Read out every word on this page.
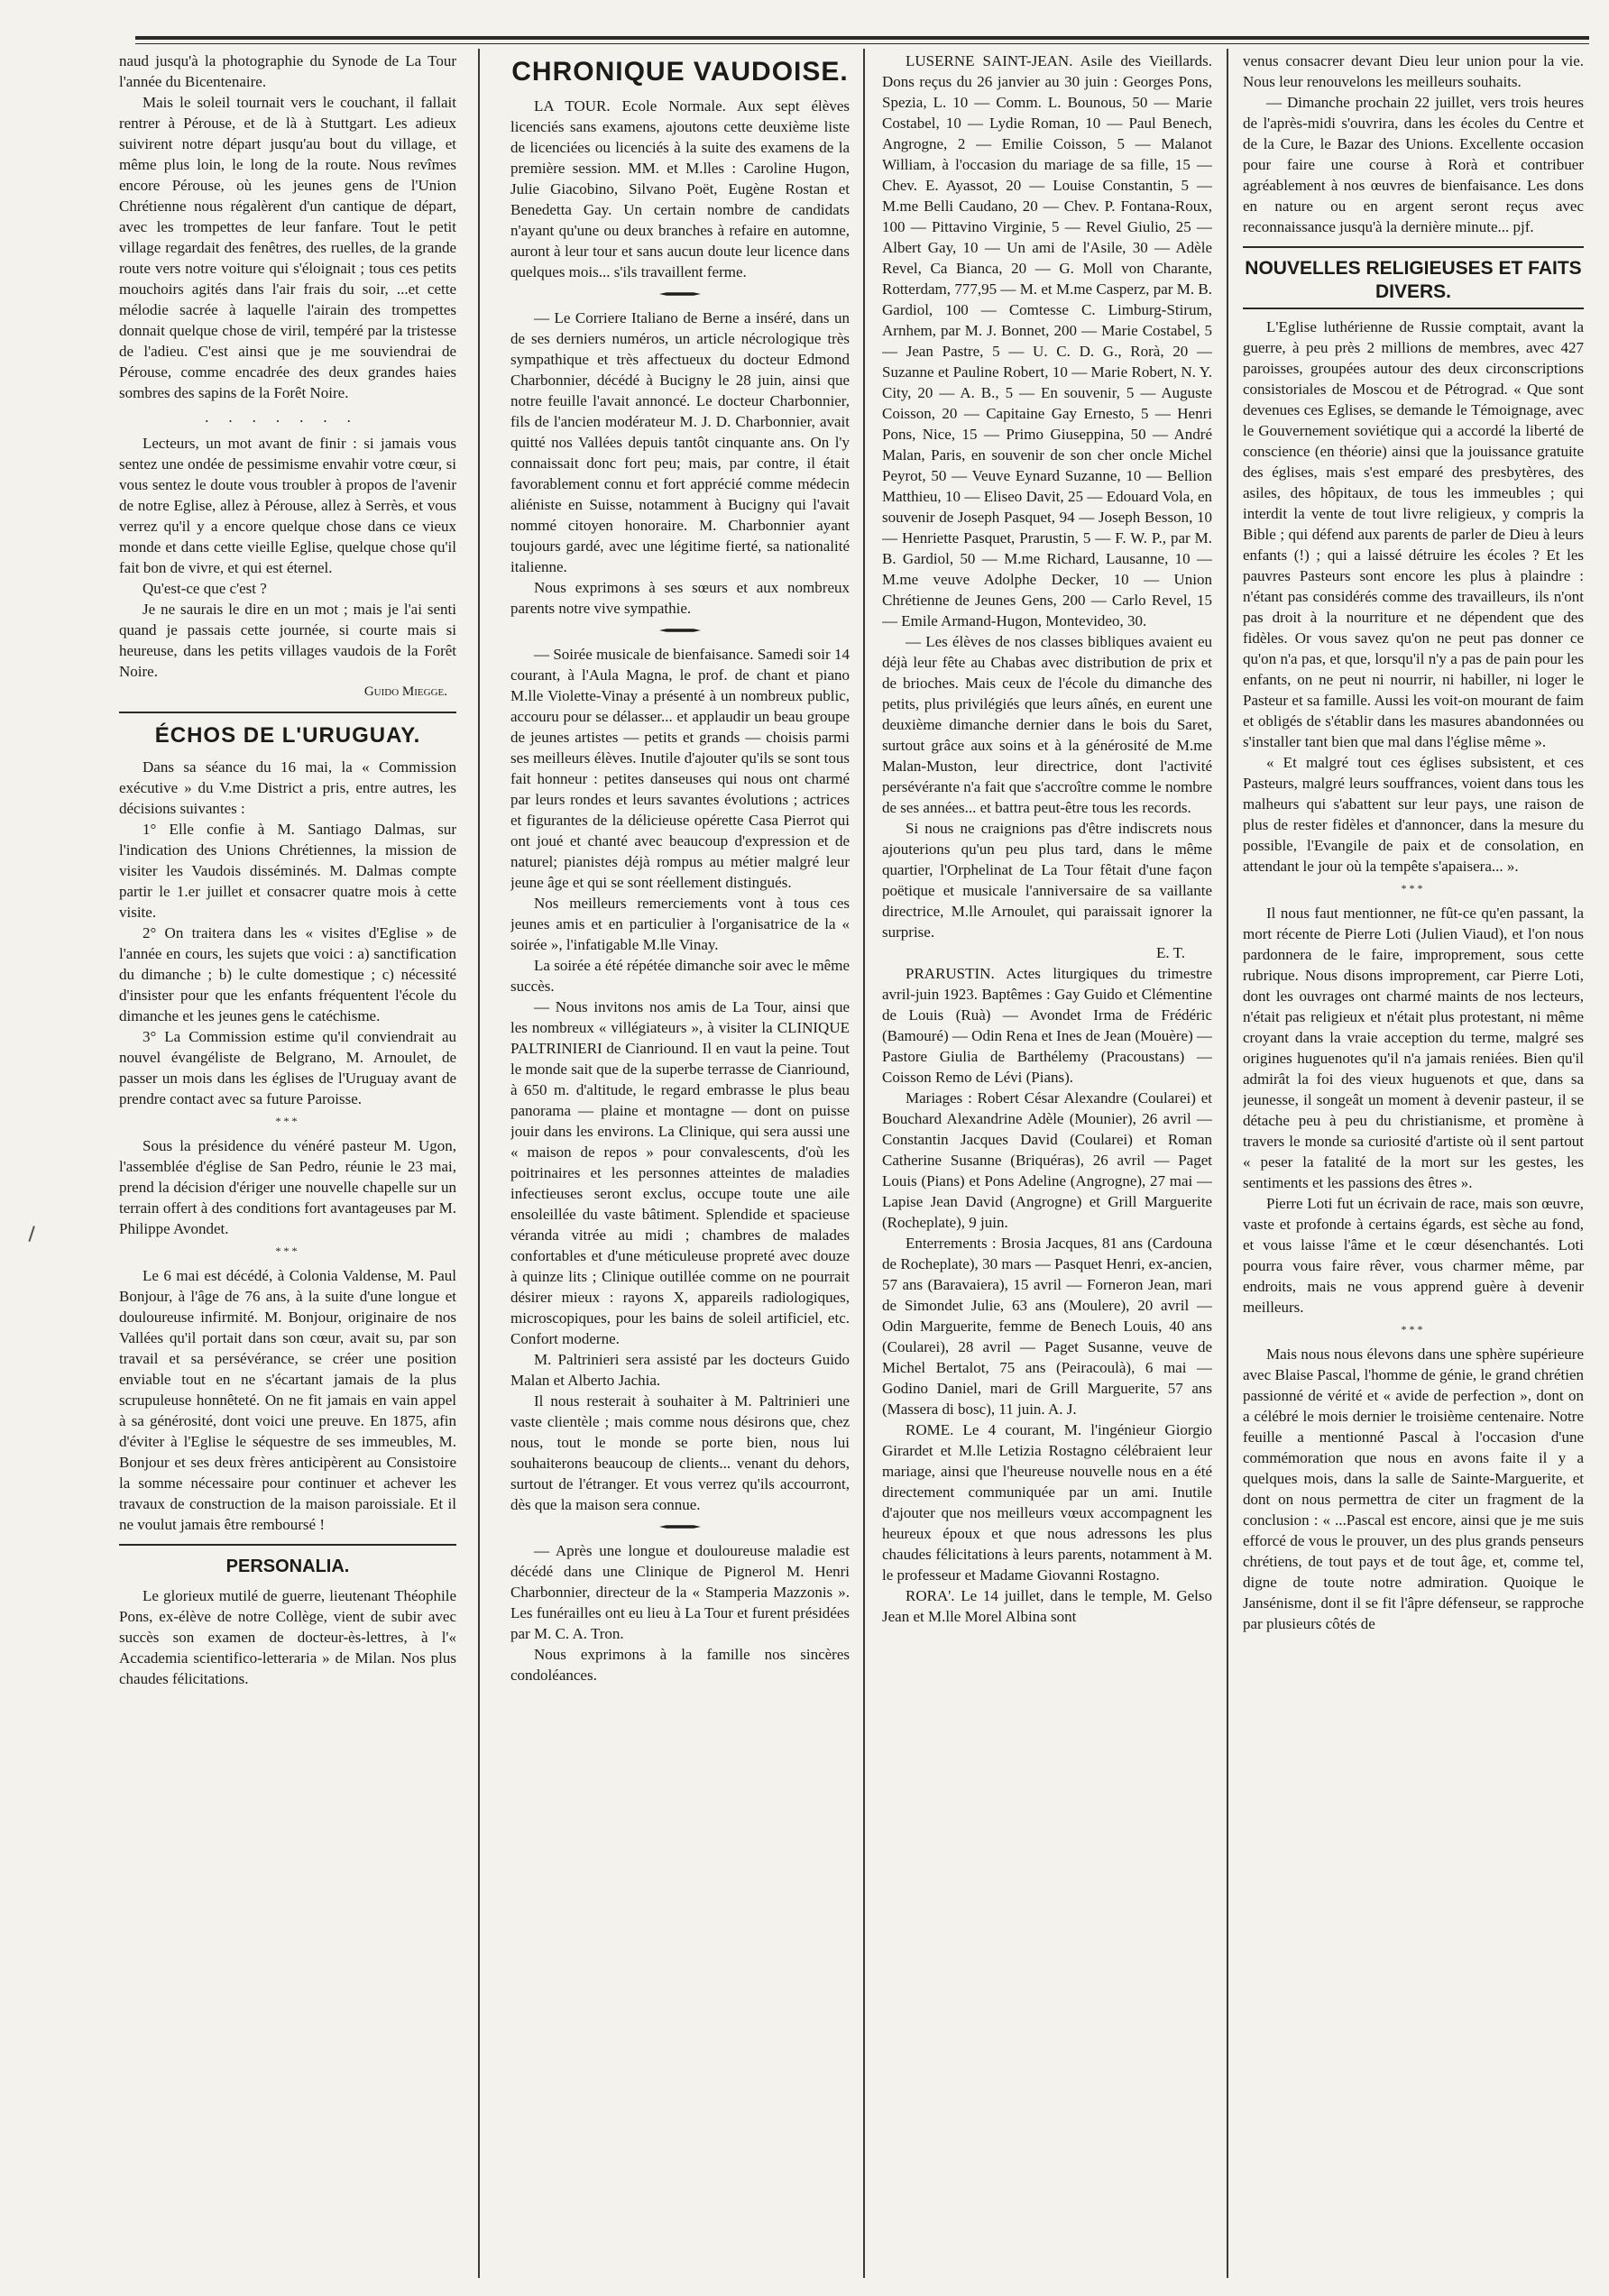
naud jusqu'à la photographie du Synode de La Tour l'année du Bicentenaire.

Mais le soleil tournait vers le couchant, il fallait rentrer à Pérouse, et de là à Stuttgart. Les adieux suivirent notre départ jusqu'au bout du village, et même plus loin, le long de la route. Nous revîmes encore Pérouse, où les jeunes gens de l'Union Chrétienne nous régalèrent d'un cantique de départ, avec les trompettes de leur fanfare. Tout le petit village regardait des fenêtres, des ruelles, de la grande route vers notre voiture qui s'éloignait ; tous ces petits mouchoirs agités dans l'air frais du soir, ...et cette mélodie sacrée à laquelle l'airain des trompettes donnait quelque chose de viril, tempéré par la tristesse de l'adieu. C'est ainsi que je me souviendrai de Pérouse, comme encadrée des deux grandes haies sombres des sapins de la Forêt Noire.

.......

Lecteurs, un mot avant de finir : si jamais vous sentez une ondée de pessimisme envahir votre cœur, si vous sentez le doute vous troubler à propos de l'avenir de notre Eglise, allez à Pérouse, allez à Serrès, et vous verrez qu'il y a encore quelque chose dans ce vieux monde et dans cette vieille Eglise, quelque chose qu'il fait bon de vivre, et qui est éternel.

Qu'est-ce que c'est ?

Je ne saurais le dire en un mot ; mais je l'ai senti quand je passais cette journée, si courte mais si heureuse, dans les petits villages vaudois de la Forêt Noire.

Guido Miegge.
ÉCHOS DE L'URUGUAY.

Dans sa séance du 16 mai, la « Commission exécutive » du V.me District a pris, entre autres, les décisions suivantes :

1° Elle confie à M. Santiago Dalmas, sur l'indication des Unions Chrétiennes, la mission de visiter les Vaudois disséminés. M. Dalmas compte partir le 1.er juillet et consacrer quatre mois à cette visite.

2° On traitera dans les « visites d'Eglise » de l'année en cours, les sujets que voici : a) sanctification du dimanche ; b) le culte domestique ; c) nécessité d'insister pour que les enfants fréquentent l'école du dimanche et les jeunes gens le catéchisme.

3° La Commission estime qu'il conviendrait au nouvel évangéliste de Belgrano, M. Arnoulet, de passer un mois dans les églises de l'Uruguay avant de prendre contact avec sa future Paroisse.

***

Sous la présidence du vénéré pasteur M. Ugon, l'assemblée d'église de San Pedro, réunie le 23 mai, prend la décision d'ériger une nouvelle chapelle sur un terrain offert à des conditions fort avantageuses par M. Philippe Avondet.

***

Le 6 mai est décédé, à Colonia Valdense, M. Paul Bonjour, à l'âge de 76 ans, à la suite d'une longue et douloureuse infirmité. M. Bonjour, originaire de nos Vallées qu'il portait dans son cœur, avait su, par son travail et sa persévérance, se créer une position enviable tout en ne s'écartant jamais de la plus scrupuleuse honnêteté. On ne fit jamais en vain appel à sa générosité, dont voici une preuve. En 1875, afin d'éviter à l'Eglise le séquestre de ses immeubles, M. Bonjour et ses deux frères anticipèrent au Consistoire la somme nécessaire pour continuer et achever les travaux de construction de la maison paroissiale. Et il ne voulut jamais être remboursé !

PERSONALIA.

Le glorieux mutilé de guerre, lieutenant Théophile Pons, ex-élève de notre Collège, vient de subir avec succès son examen de docteur-ès-lettres, à l'« Accademia scientifico-letteraria » de Milan. Nos plus chaudes félicitations.

CHRONIQUE VAUDOISE.

LA TOUR. Ecole Normale. Aux sept élèves licenciés sans examens, ajoutons cette deuxième liste de licenciées ou licenciés à la suite des examens de la première session. MM. et M.lles : Caroline Hugon, Julie Giacobino, Silvano Poët, Eugène Rostan et Benedetta Gay. Un certain nombre de candidats n'ayant qu'une ou deux branches à refaire en automne, auront à leur tour et sans aucun doute leur licence dans quelques mois... s'ils travaillent ferme.

— Le Corriere Italiano de Berne a inséré, dans un de ses derniers numéros, un article nécrologique très sympathique et très affectueux du docteur Edmond Charbonnier, décédé à Bucigny le 28 juin, ainsi que notre feuille l'avait annoncé. Le docteur Charbonnier, fils de l'ancien modérateur M. J. D. Charbonnier, avait quitté nos Vallées depuis tantôt cinquante ans. On l'y connaissait donc fort peu; mais, par contre, il était favorablement connu et fort apprécié comme médecin aliéniste en Suisse, notamment à Bucigny qui l'avait nommé citoyen honoraire. M. Charbonnier ayant toujours gardé, avec une légitime fierté, sa nationalité italienne.

Nous exprimons à ses sœurs et aux nombreux parents notre vive sympathie.

— Soirée musicale de bienfaisance. Samedi soir 14 courant, à l'Aula Magna, le prof. de chant et piano M.lle Violette-Vinay a présenté à un nombreux public, accouru pour se délasser... et applaudir un beau groupe de jeunes artistes — petits et grands — choisis parmi ses meilleurs élèves. Inutile d'ajouter qu'ils se sont tous fait honneur : petites danseuses qui nous ont charmé par leurs rondes et leurs savantes évolutions ; actrices et figurantes de la délicieuse opérette Casa Pierrot qui ont joué et chanté avec beaucoup d'expression et de naturel; pianistes déjà rompus au métier malgré leur jeune âge et qui se sont réellement distingués.

Nos meilleurs remerciements vont à tous ces jeunes amis et en particulier à l'organisatrice de la « soirée », l'infatigable M.lle Vinay.

La soirée a été répétée dimanche soir avec le même succès.

— Nous invitons nos amis de La Tour, ainsi que les nombreux « villégiateurs », à visiter la CLINIQUE PALTRINIERI de Cianriound. Il en vaut la peine. Tout le monde sait que de la superbe terrasse de Cianriound, à 650 m. d'altitude, le regard embrasse le plus beau panorama — plaine et montagne — dont on puisse jouir dans les environs. La Clinique, qui sera aussi une « maison de repos » pour convalescents, d'où les poitrinaires et les personnes atteintes de maladies infectieuses seront exclus, occupe toute une aile ensoleillée du vaste bâtiment. Splendide et spacieuse véranda vitrée au midi ; chambres de malades confortables et d'une méticuleuse propreté avec douze à quinze lits ; Clinique outillée comme on ne pourrait désirer mieux : rayons X, appareils radiologiques, microscopiques, pour les bains de soleil artificiel, etc. Confort moderne.

M. Paltrinieri sera assisté par les docteurs Guido Malan et Alberto Jachia.

Il nous resterait à souhaiter à M. Paltrinieri une vaste clientèle ; mais comme nous désirons que, chez nous, tout le monde se porte bien, nous lui souhaiterons beaucoup de clients... venant du dehors, surtout de l'étranger. Et vous verrez qu'ils accourront, dès que la maison sera connue.

— Après une longue et douloureuse maladie est décédé dans une Clinique de Pignerol M. Henri Charbonnier, directeur de la « Stamperia Mazzonis ». Les funérailles ont eu lieu à La Tour et furent présidées par M. C. A. Tron.

Nous exprimons à la famille nos sincères condoléances.

LUSERNE SAINT-JEAN. Asile des Vieillards. Dons reçus du 26 janvier au 30 juin : Georges Pons, Spezia, L. 10 — Comm. L. Bounous, 50 — Marie Costabel, 10 — Lydie Roman, 10 — Paul Benech, Angrogne, 2 — Emilie Coisson, 5 — Malanot William, à l'occasion du mariage de sa fille, 15 — Chev. E. Ayassot, 20 — Louise Constantin, 5 — M.me Belli Caudano, 20 — Chev. P. Fontana-Roux, 100 — Pittavino Virginie, 5 — Revel Giulio, 25 — Albert Gay, 10 — Un ami de l'Asile, 30 — Adèle Revel, Ca Bianca, 20 — G. Moll von Charante, Rotterdam, 777,95 — M. et M.me Casperz, par M. B. Gardiol, 100 — Comtesse C. Limburg-Stirum, Arnhem, par M. J. Bonnet, 200 — Marie Costabel, 5 — Jean Pastre, 5 — U. C. D. G., Rorà, 20 — Suzanne et Pauline Robert, 10 — Marie Robert, N. Y. City, 20 — A. B., 5 — En souvenir, 5 — Auguste Coisson, 20 — Capitaine Gay Ernesto, 5 — Henri Pons, Nice, 15 — Primo Giuseppina, 50 — André Malan, Paris, en souvenir de son cher oncle Michel Peyrot, 50 — Veuve Eynard Suzanne, 10 — Bellion Matthieu, 10 — Eliseo Davit, 25 — Edouard Vola, en souvenir de Joseph Pasquet, 94 — Joseph Besson, 10 — Henriette Pasquet, Prarustin, 5 — F. W. P., par M. B. Gardiol, 50 — M.me Richard, Lausanne, 10 — M.me veuve Adolphe Decker, 10 — Union Chrétienne de Jeunes Gens, 200 — Carlo Revel, 15 — Emile Armand-Hugon, Montevideo, 30.

— Les élèves de nos classes bibliques avaient eu déjà leur fête au Chabas avec distribution de prix et de brioches. Mais ceux de l'école du dimanche des petits, plus privilégiés que leurs aînés, en eurent une deuxième dimanche dernier dans le bois du Saret, surtout grâce aux soins et à la générosité de M.me Malan-Muston, leur directrice, dont l'activité persévérante n'a fait que s'accroître comme le nombre de ses années... et battra peut-être tous les records.

Si nous ne craignions pas d'être indiscrets nous ajouterions qu'un peu plus tard, dans le même quartier, l'Orphelinat de La Tour fêtait d'une façon poëtique et musicale l'anniversaire de sa vaillante directrice, M.lle Arnoulet, qui paraissait ignorer la surprise.

E. T.

PRARUSTIN. Actes liturgiques du trimestre avril-juin 1923. Baptêmes : Gay Guido et Clémentine de Louis (Ruà) — Avondet Irma de Frédéric (Bamouré) — Odin Rena et Ines de Jean (Mouère) — Pastore Giulia de Barthélemy (Pracoustans) — Coisson Remo de Lévi (Pians).

Mariages : Robert César Alexandre (Coularei) et Bouchard Alexandrine Adèle (Mounier), 26 avril — Constantin Jacques David (Coularei) et Roman Catherine Susanne (Briquéras), 26 avril — Paget Louis (Pians) et Pons Adeline (Angrogne), 27 mai — Lapise Jean David (Angrogne) et Grill Marguerite (Rocheplate), 9 juin.

Enterrements : Brosia Jacques, 81 ans (Cardouna de Rocheplate), 30 mars — Pasquet Henri, ex-ancien, 57 ans (Baravaiera), 15 avril — Forneron Jean, mari de Simondet Julie, 63 ans (Moulere), 20 avril — Odin Marguerite, femme de Benech Louis, 40 ans (Coularei), 28 avril — Paget Susanne, veuve de Michel Bertalot, 75 ans (Peiracoulà), 6 mai — Godino Daniel, mari de Grill Marguerite, 57 ans (Massera di bosc), 11 juin. A. J.

ROME. Le 4 courant, M. l'ingénieur Giorgio Girardet et M.lle Letizia Rostagno célébraient leur mariage, ainsi que l'heureuse nouvelle nous en a été directement communiquée par un ami. Inutile d'ajouter que nos meilleurs vœux accompagnent les heureux époux et que nous adressons les plus chaudes félicitations à leurs parents, notamment à M. le professeur et Madame Giovanni Rostagno.

RORA'. Le 14 juillet, dans le temple, M. Gelso Jean et M.lle Morel Albina sont

venus consacrer devant Dieu leur union pour la vie. Nous leur renouvelons les meilleurs souhaits.

— Dimanche prochain 22 juillet, vers trois heures de l'après-midi s'ouvrira, dans les écoles du Centre et de la Cure, le Bazar des Unions. Excellente occasion pour faire une course à Rorà et contribuer agréablement à nos œuvres de bienfaisance. Les dons en nature ou en argent seront reçus avec reconnaissance jusqu'à la dernière minute... pjf.

NOUVELLES RELIGIEUSES ET FAITS DIVERS.

L'Eglise luthérienne de Russie comptait, avant la guerre, à peu près 2 millions de membres, avec 427 paroisses, groupées autour des deux circonscriptions consistoriales de Moscou et de Pétrograd. « Que sont devenues ces Eglises, se demande le Témoignage, avec le Gouvernement soviétique qui a accordé la liberté de conscience (en théorie) ainsi que la jouissance gratuite des églises, mais s'est emparé des presbytères, des asiles, des hôpitaux, de tous les immeubles ; qui interdit la vente de tout livre religieux, y compris la Bible ; qui défend aux parents de parler de Dieu à leurs enfants (!) ; qui a laissé détruire les écoles ? Et les pauvres Pasteurs sont encore les plus à plaindre : n'étant pas considérés comme des travailleurs, ils n'ont pas droit à la nourriture et ne dépendent que des fidèles. Or vous savez qu'on ne peut pas donner ce qu'on n'a pas, et que, lorsqu'il n'y a pas de pain pour les enfants, on ne peut ni nourrir, ni habiller, ni loger le Pasteur et sa famille. Aussi les voit-on mourant de faim et obligés de s'établir dans les masures abandonnées ou s'installer tant bien que mal dans l'église même ».

« Et malgré tout ces églises subsistent, et ces Pasteurs, malgré leurs souffrances, voient dans tous les malheurs qui s'abattent sur leur pays, une raison de plus de rester fidèles et d'annoncer, dans la mesure du possible, l'Evangile de paix et de consolation, en attendant le jour où la tempête s'apaisera... ».

***

Il nous faut mentionner, ne fût-ce qu'en passant, la mort récente de Pierre Loti (Julien Viaud), et l'on nous pardonnera de le faire, improprement, sous cette rubrique. Nous disons improprement, car Pierre Loti, dont les ouvrages ont charmé maints de nos lecteurs, n'était pas religieux et n'était plus protestant, ni même croyant dans la vraie acception du terme, malgré ses origines huguenotes qu'il n'a jamais reniées. Bien qu'il admirât la foi des vieux huguenots et que, dans sa jeunesse, il songeât un moment à devenir pasteur, il se détache peu à peu du christianisme, et promène à travers le monde sa curiosité d'artiste où il sent partout « peser la fatalité de la mort sur les gestes, les sentiments et les passions des êtres ».

Pierre Loti fut un écrivain de race, mais son œuvre, vaste et profonde à certains égards, est sèche au fond, et vous laisse l'âme et le cœur désenchantés. Loti pourra vous faire rêver, vous charmer même, par endroits, mais ne vous apprend guère à devenir meilleurs.

***

Mais nous nous élevons dans une sphère supérieure avec Blaise Pascal, l'homme de génie, le grand chrétien passionné de vérité et « avide de perfection », dont on a célébré le mois dernier le troisième centenaire. Notre feuille a mentionné Pascal à l'occasion d'une commémoration que nous en avons faite il y a quelques mois, dans la salle de Sainte-Marguerite, et dont on nous permettra de citer un fragment de la conclusion : « ...Pascal est encore, ainsi que je me suis efforcé de vous le prouver, un des plus grands penseurs chrétiens, de tout pays et de tout âge, et, comme tel, digne de toute notre admiration. Quoique le Jansénisme, dont il se fit l'âpre défenseur, se rapproche par plusieurs côtés de
